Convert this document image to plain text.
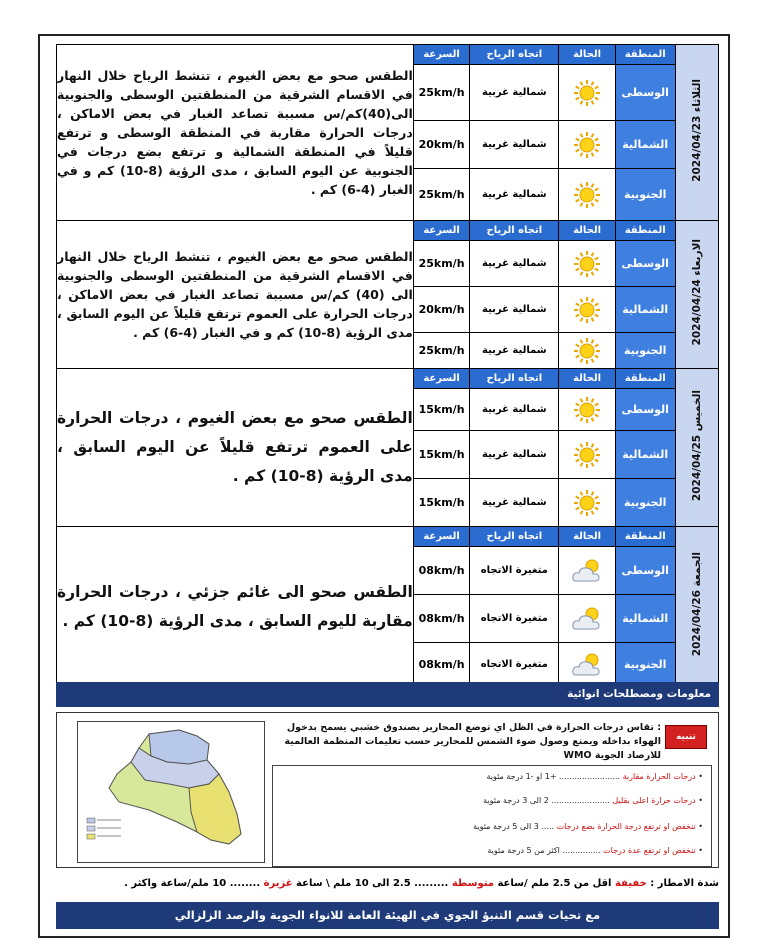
الطقس صحو مع بعض الغيوم ، تنشط الرياح خلال النهار في الاقسام الشرقية من المنطقتين الوسطى والجنوبية الى(40)كم/س مسببة تصاعد الغبار في بعض الاماكن ، درجات الحرارة مقاربة في المنطقة الوسطى و ترتفع قليلاً في المنطقة الشمالية و ترتفع بضع درجات في الجنوبية عن اليوم السابق ، مدى الرؤية (8-10) كم و في الغبار (4-6) كم .	السرعة	اتجاه الرياح	الحالة	المنطقة	الثلاثاء 2024/04/23
	25km/h	شمالية غربية		الوسطى	
	20km/h	شمالية غربية		الشمالية	
	25km/h	شمالية غربية		الجنوبية	
الطقس صحو مع بعض الغيوم ، تنشط الرياح خلال النهار في الاقسام الشرقية من المنطقتين الوسطى والجنوبية الى (40) كم/س مسببة تصاعد الغبار في بعض الاماكن ، درجات الحرارة على العموم ترتفع قليلاً عن اليوم السابق ، مدى الرؤية (8-10) كم و في الغبار (4-6) كم .	السرعة	اتجاه الرياح	الحالة	المنطقة	الاربعاء 2024/04/24
	25km/h	شمالية غربية		الوسطى	
	20km/h	شمالية غربية		الشمالية	
	25km/h	شمالية غربية		الجنوبية	
الطقس صحو مع بعض الغيوم ، درجات الحرارة على العموم ترتفع قليلاً عن اليوم السابق ، مدى الرؤية (8-10) كم .	السرعة	اتجاه الرياح	الحالة	المنطقة	الخميس 2024/04/25
	15km/h	شمالية غربية		الوسطى	
	15km/h	شمالية غربية		الشمالية	
	15km/h	شمالية غربية		الجنوبية	
الطقس صحو الى غائم جزئي ، درجات الحرارة مقاربة لليوم السابق ، مدى الرؤية (8-10) كم .	السرعة	اتجاه الرياح	الحالة	المنطقة	الجمعة 2024/04/26
	08km/h	متغيرة الاتجاه		الوسطى	
	08km/h	متغيرة الاتجاه		الشمالية	
	08km/h	متغيرة الاتجاه		الجنوبية	
معلومات ومصطلحات انوائية
تنبيه
: تقاس درجات الحرارة في الظل اي توضع المحارير بصندوق خشبي يسمح بدخول الهواء بداخله ويمنع وصول ضوء الشمس للمحارير حسب تعليمات المنظمة العالمية للارصاد الجوية WMO
• درجات الحرارة مقاربة ........................ +1 او -1 درجة مئوية
• درجات حرارة اعلى بقليل ....................... 2 الى 3 درجة مئوية
• تنخفض او ترتفع درجة الحرارة بضع درجات ..... 3 الى 5 درجة مئوية
• تنخفض او ترتفع عدة درجات ............... اكثر من 5 درجة مئوية
شدة الامطار : خفيفة اقل من 2.5 ملم /ساعة متوسطة ......... 2.5 الى 10 ملم \ ساعة غزيرة ........ 10 ملم/ساعة واكثر .
مع تحيات قسم التنبؤ الجوي في الهيئة العامة للانواء الجوية والرصد الزلزالي
